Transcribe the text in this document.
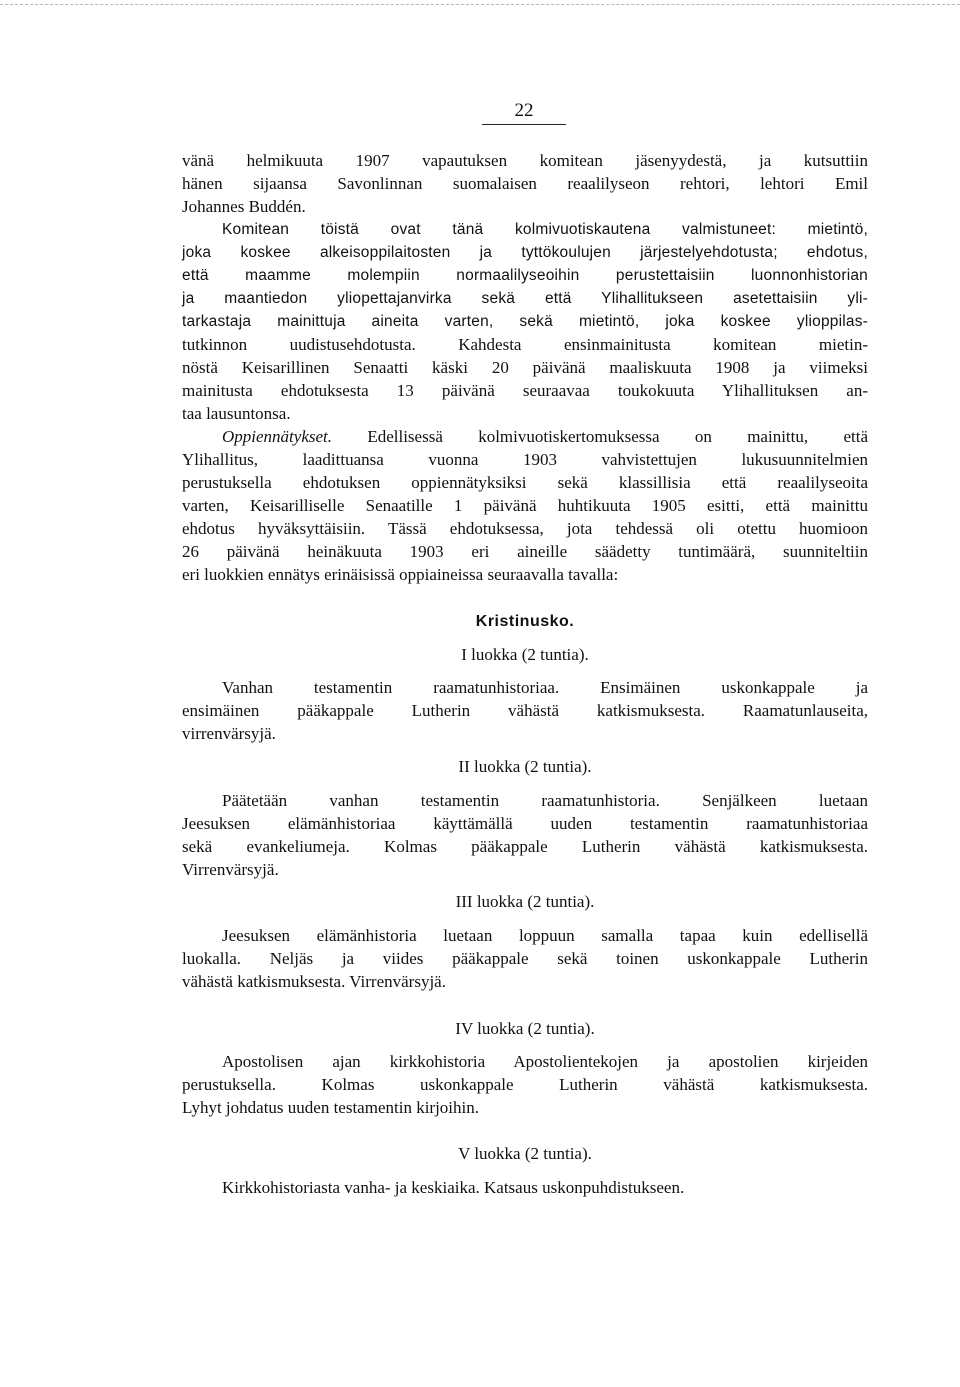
22
vänä helmikuuta 1907 vapautuksen komitean jäsenyydestä, ja kutsuttiin
hänen sijaansa Savonlinnan suomalaisen reaalilyseon rehtori, lehtori Emil
Johannes Buddén.
Komitean töistä ovat tänä kolmivuotiskautena valmistuneet: mietintö,
joka koskee alkeisoppilaitosten ja tyttökoulujen järjestelyehdotusta; ehdotus,
että maamme molempiin normaalilyseoihin perustettaisiin luonnonhistorian
ja maantiedon yliopettajanvirka sekä että Ylihallitukseen asetettaisiin yli-
tarkastaja mainittuja aineita varten, sekä mietintö, joka koskee ylioppilas-
tutkinnon uudistusehdotusta. Kahdesta ensinmainitusta komitean mietin-
nöstä Keisarillinen Senaatti käski 20 päivänä maaliskuuta 1908 ja viimeksi
mainitusta ehdotuksesta 13 päivänä seuraavaa toukokuuta Ylihallituksen an-
taa lausuntonsa.
Oppiennätykset. Edellisessä kolmivuotiskertomuksessa on mainittu, että
Ylihallitus, laadittuansa vuonna 1903 vahvistettujen lukusuunnitelmien
perustuksella ehdotuksen oppiennätyksiksi sekä klassillisia että reaalilyseoita
varten, Keisarilliselle Senaatille 1 päivänä huhtikuuta 1905 esitti, että mainittu
ehdotus hyväksyttäisiin. Tässä ehdotuksessa, jota tehdessä oli otettu huomioon
26 päivänä heinäkuuta 1903 eri aineille säädetty tuntimäärä, suunniteltiin
eri luokkien ennätys erinäisissä oppiaineissa seuraavalla tavalla:
Kristinusko.
I luokka (2 tuntia).
Vanhan testamentin raamatunhistoriaa. Ensimäinen uskonkappale ja
ensimäinen pääkappale Lutherin vähästä katkismuksesta. Raamatunlauseita,
virrenvärsyjä.
II luokka (2 tuntia).
Päätetään vanhan testamentin raamatunhistoria. Senjälkeen luetaan
Jeesuksen elämänhistoriaa käyttämällä uuden testamentin raamatunhistoriaa
sekä evankeliumeja. Kolmas pääkappale Lutherin vähästä katkismuksesta.
Virrenvärsyjä.
III luokka (2 tuntia).
Jeesuksen elämänhistoria luetaan loppuun samalla tapaa kuin edellisellä
luokalla. Neljäs ja viides pääkappale sekä toinen uskonkappale Lutherin
vähästä katkismuksesta. Virrenvärsyjä.
IV luokka (2 tuntia).
Apostolisen ajan kirkkohistoria Apostolientekojen ja apostolien kirjeiden
perustuksella. Kolmas uskonkappale Lutherin vähästä katkismuksesta.
Lyhyt johdatus uuden testamentin kirjoihin.
V luokka (2 tuntia).
Kirkkohistoriasta vanha- ja keskiaika. Katsaus uskonpuhdistukseen.
